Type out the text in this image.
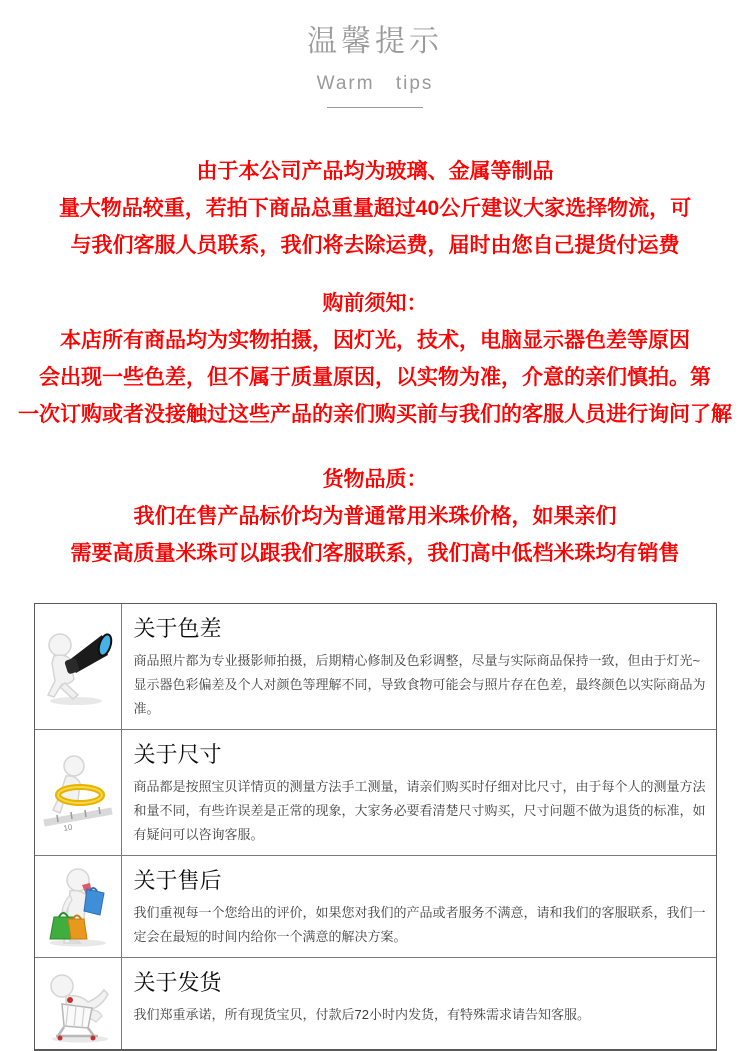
温馨提示
Warm tips
由于本公司产品均为玻璃、金属等制品
量大物品较重，若拍下商品总重量超过40公斤建议大家选择物流，可
与我们客服人员联系，我们将去除运费，届时由您自己提货付运费
购前须知：
本店所有商品均为实物拍摄，因灯光，技术，电脑显示器色差等原因
会出现一些色差，但不属于质量原因，以实物为准，介意的亲们慎拍。第
一次订购或者没接触过这些产品的亲们购买前与我们的客服人员进行询问了解
货物品质：
我们在售产品标价均为普通常用米珠价格，如果亲们
需要高质量米珠可以跟我们客服联系，我们高中低档米珠均有销售
关于色差
商品照片都为专业摄影师拍摄，后期精心修制及色彩调整，尽量与实际商品保持一致，但由于灯光~显示器色彩偏差及个人对颜色等理解不同，导致食物可能会与照片存在色差，最终颜色以实际商品为准。
10
关于尺寸
商品都是按照宝贝详情页的测量方法手工测量，请亲们购买时仔细对比尺寸，由于每个人的测量方法和量不同，有些许误差是正常的现象，大家务必要看清楚尺寸购买，尺寸问题不做为退货的标准，如有疑问可以咨询客服。
关于售后
我们重视每一个您给出的评价，如果您对我们的产品或者服务不满意，请和我们的客服联系，我们一定会在最短的时间内给你一个满意的解决方案。
关于发货
我们郑重承诺，所有现货宝贝，付款后72小时内发货，有特殊需求请告知客服。
